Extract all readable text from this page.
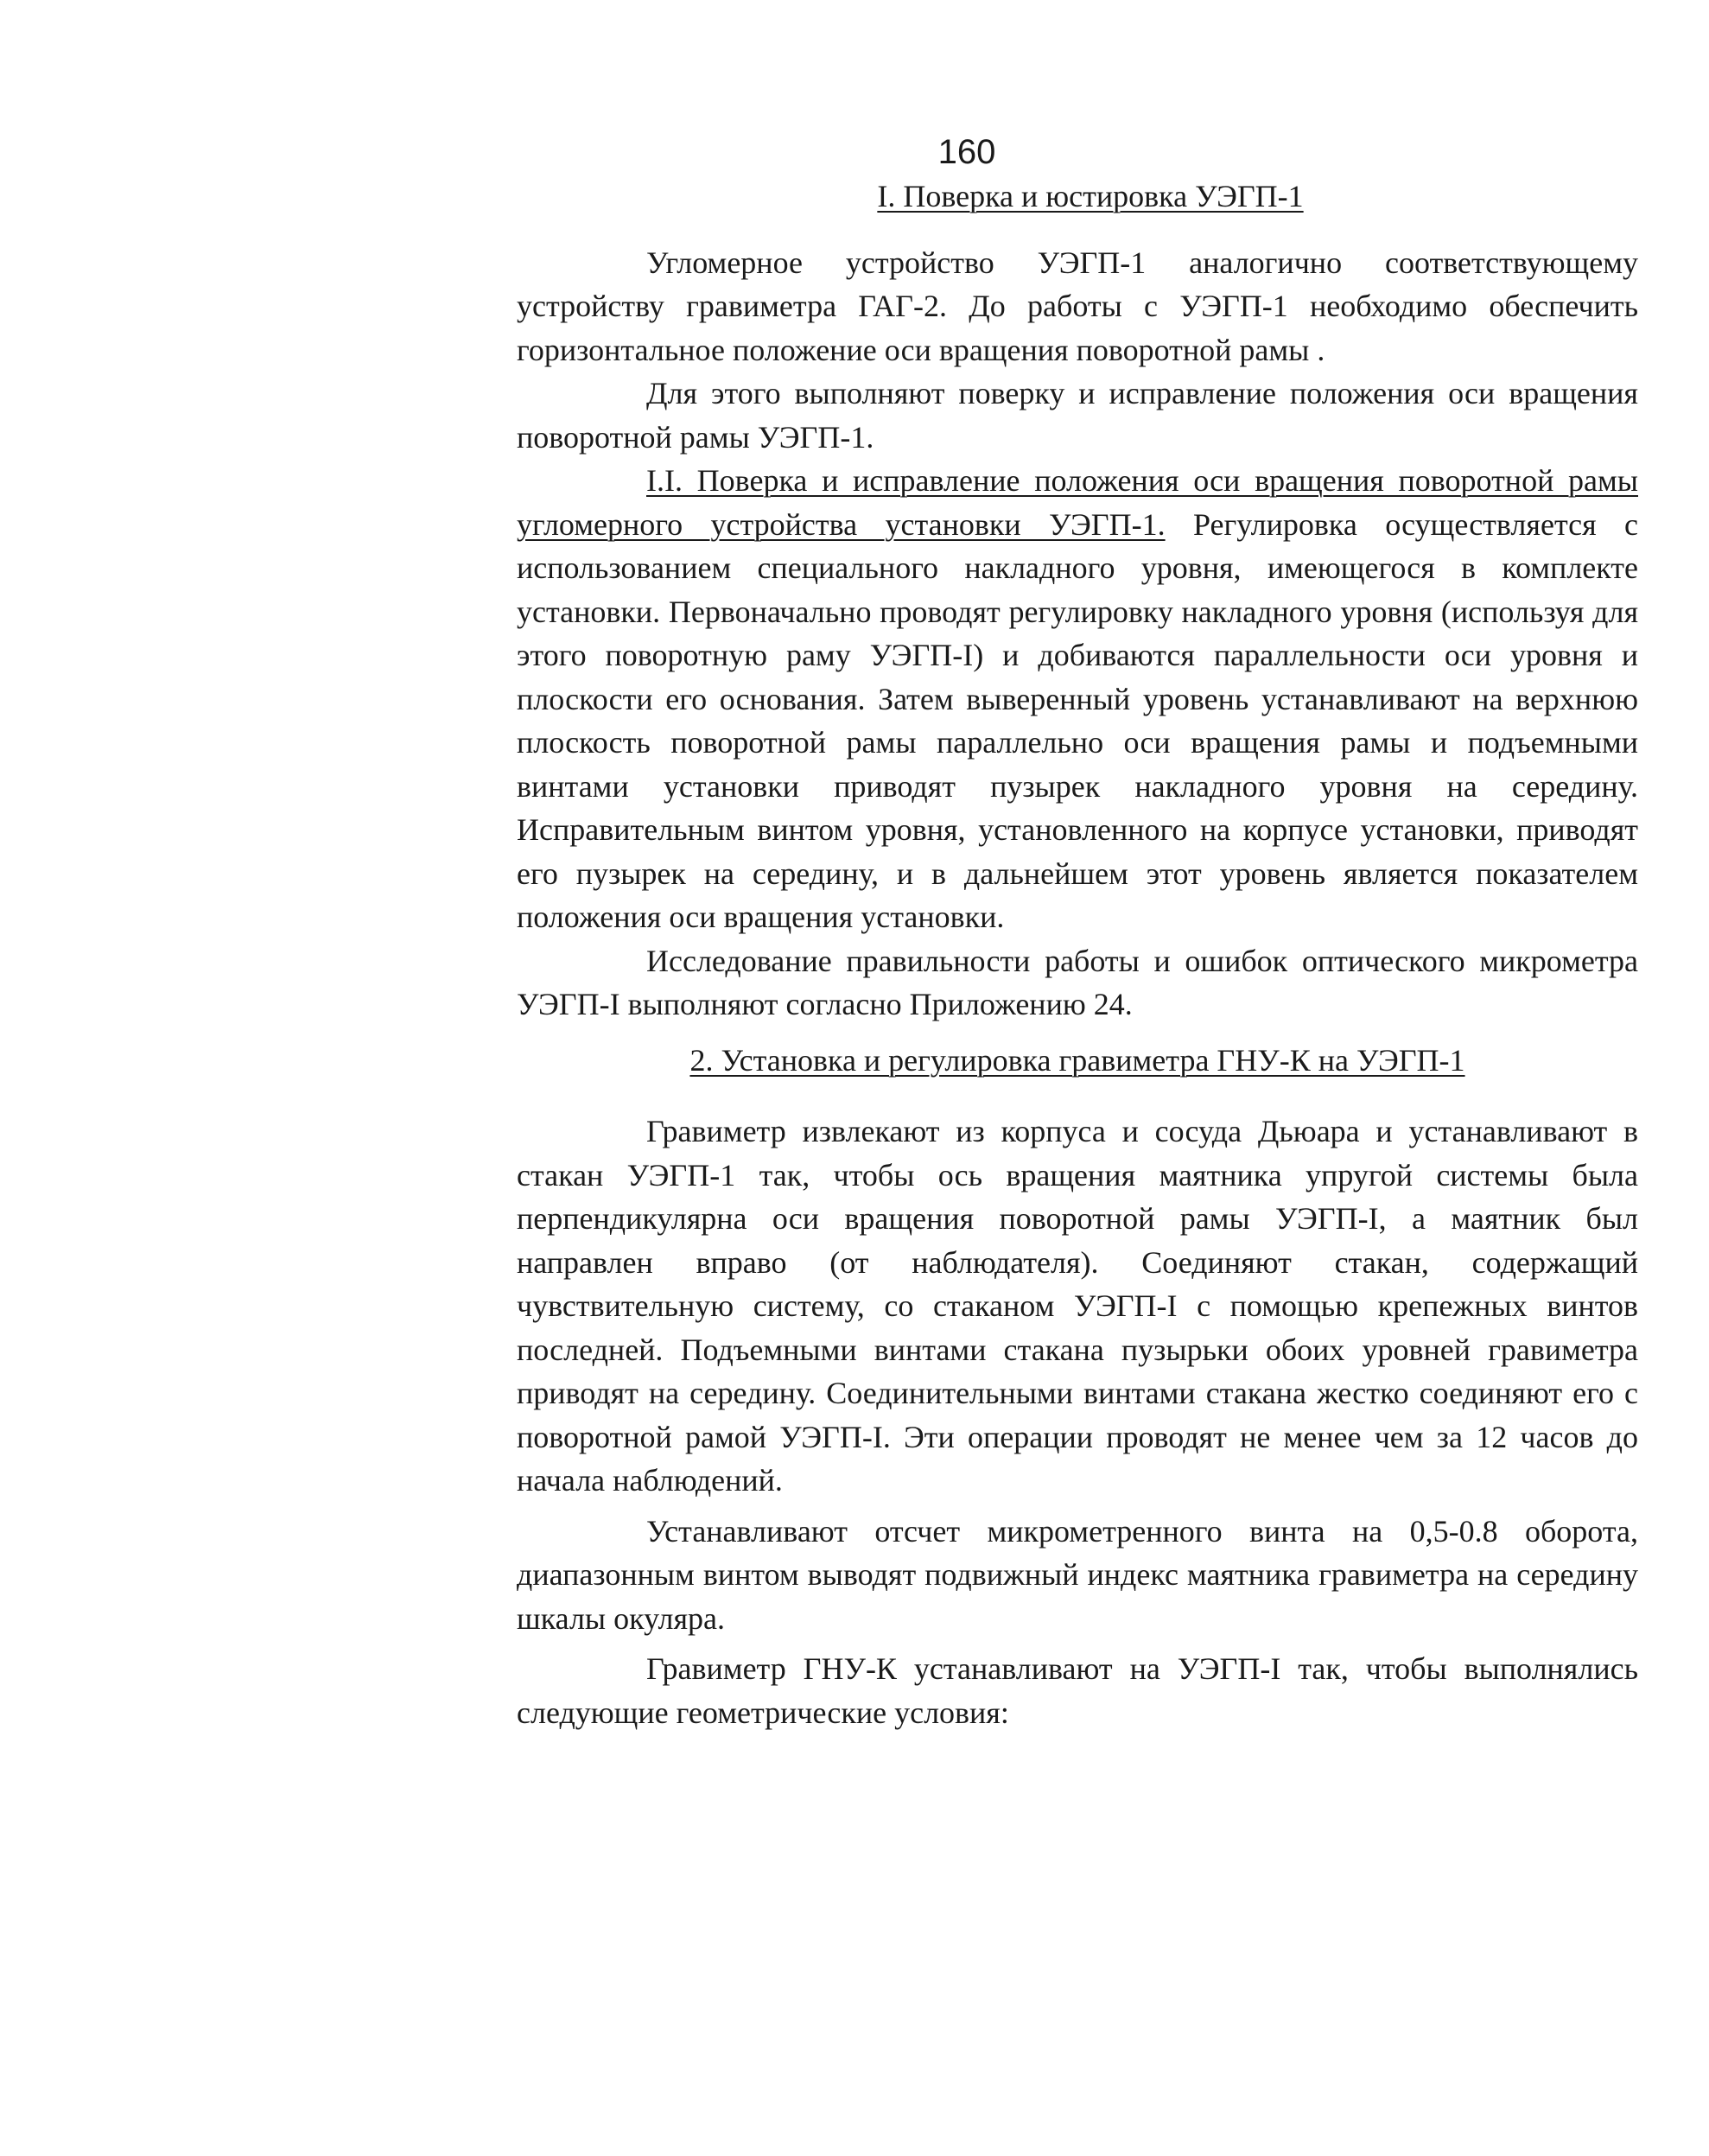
160

I. Поверка и юстировка УЭГП-1

Угломерное устройство УЭГП-1 аналогично соответствующему устройству гравиметра ГАГ-2. До работы с УЭГП-1 необходимо обеспечить горизонтальное положение оси вращения поворотной рамы .

Для этого выполняют поверку и исправление положения оси вращения поворотной рамы УЭГП-1.

I.I. Поверка и исправление положения оси вращения поворотной рамы угломерного устройства установки УЭГП-1. Регулировка осуществляется с использованием специального накладного уровня, имеющегося в комплекте установки. Первоначально проводят регулировку накладного уровня (используя для этого поворотную раму УЭГП-I) и добиваются параллельности оси уровня и плоскости его основания. Затем выверенный уровень устанавливают на верхнюю плоскость поворотной рамы параллельно оси вращения рамы и подъемными винтами установки приводят пузырек накладного уровня на середину. Исправительным винтом уровня, установленного на корпусе установки, приводят его пузырек на середину, и в дальнейшем этот уровень является показателем положения оси вращения установки.

Исследование правильности работы и ошибок оптического микрометра УЭГП-I выполняют согласно Приложению 24.

2. Установка и регулировка гравиметра ГНУ-К на УЭГП-1

Гравиметр извлекают из корпуса и сосуда Дьюара и устанавливают в стакан УЭГП-1 так, чтобы ось вращения маятника упругой системы была перпендикулярна оси вращения поворотной рамы УЭГП-I, а маятник был направлен вправо (от наблюдателя). Соединяют стакан, содержащий чувствительную систему, со стаканом УЭГП-I с помощью крепежных винтов последней. Подъемными винтами стакана пузырьки обоих уровней гравиметра приводят на середину. Соединительными винтами стакана жестко соединяют его с поворотной рамой УЭГП-I. Эти операции проводят не менее чем за 12 часов до начала наблюдений.

Устанавливают отсчет микрометренного винта на 0,5-0.8 оборота, диапазонным винтом выводят подвижный индекс маятника гравиметра на середину шкалы окуляра.

Гравиметр ГНУ-К устанавливают на УЭГП-I так, чтобы выполнялись следующие геометрические условия:
